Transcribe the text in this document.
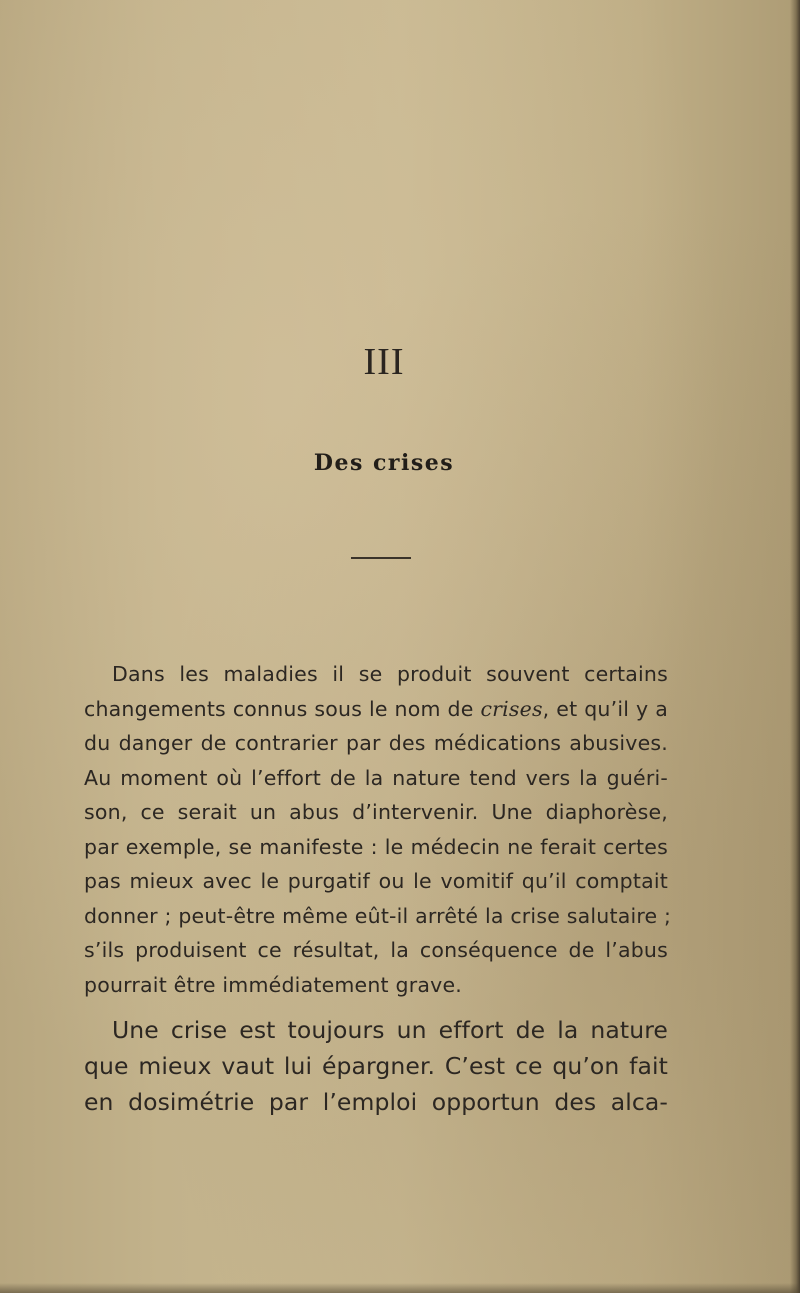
III
Des crises
Dans les maladies il se produit souvent certains
changements connus sous le nom de crises, et qu’il y a
du danger de contrarier par des médications abusives.
Au moment où l’effort de la nature tend vers la guéri-
son, ce serait un abus d’intervenir. Une diaphorèse,
par exemple, se manifeste : le médecin ne ferait certes
pas mieux avec le purgatif ou le vomitif qu’il comptait
donner ; peut-être même eût-il arrêté la crise salutaire ;
s’ils produisent ce résultat, la conséquence de l’abus
pourrait être immédiatement grave.
Une crise est toujours un effort de la nature
que mieux vaut lui épargner. C’est ce qu’on fait
en dosimétrie par l’emploi opportun des alca-
